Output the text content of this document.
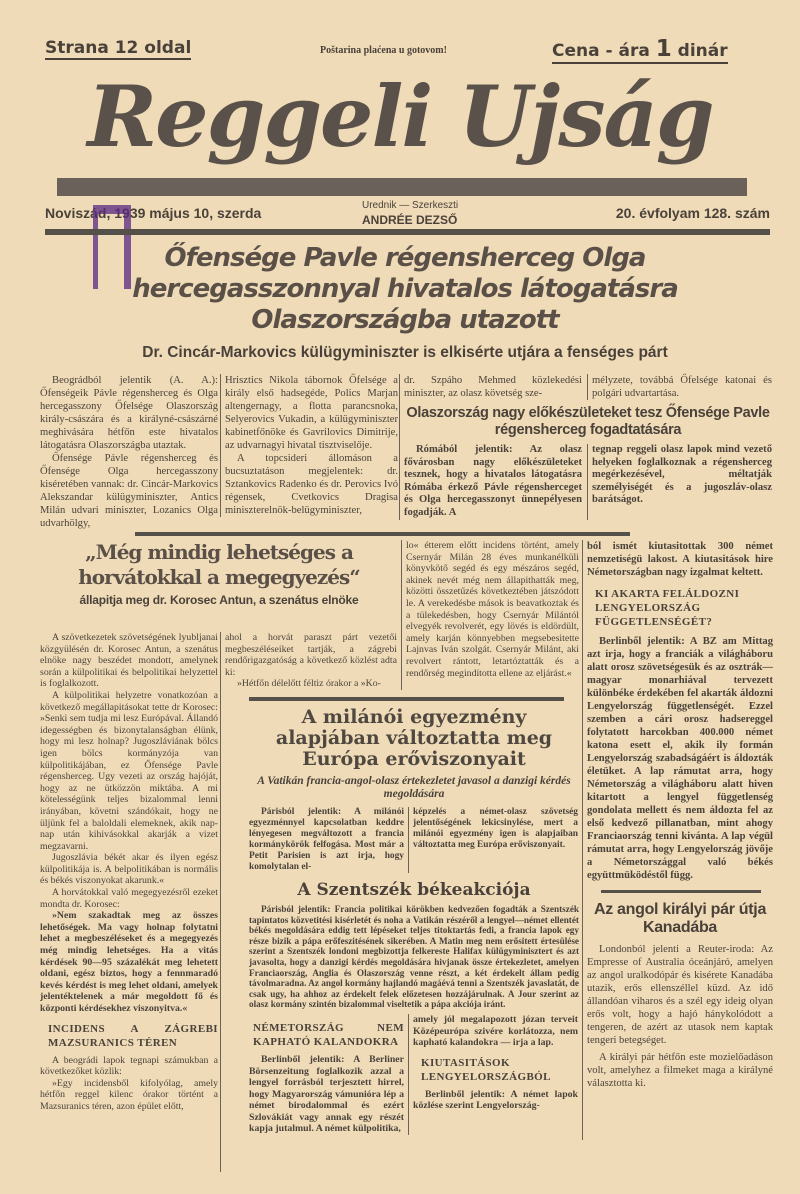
Strana 12 oldal	Poštarina plaćena u gotovom!	Cena - ára 1 dinár
Reggeli Ujság
Noviszád, 1939 május 10, szerda	Urednik — Szerkeszti
ANDRÉE DEZSŐ	20. évfolyam 128. szám
Őfensége Pavle régensherceg Olga hercegasszonnyal hivatalos látogatásra Olaszországba utazott
Dr. Cincár-Markovics külügyminiszter is elkisérte utjára a fenséges párt

Beográdból jelentik (A. A.): Őfenségeik Pávle régensherceg és Olga hercegasszony Őfelsége Olaszország király-császára és a királyné-császárné meghivására hétfőn este hivatalos látogatásra Olaszországba utaztak.

Őfensége Pávle régensherceg és Őfensége Olga hercegasszony kiséretében vannak: dr. Cincár-Markovics Alekszandar külügyminiszter, Antics Milán udvari miniszter, Lozanics Olga udvarhölgy,

Hrisztics Nikola tábornok Őfelsége a király első hadsegéde, Polics Marjan altengernagy, a flotta parancsnoka, Selyerovics Vukadin, a külügyminiszter kabinetfőnöke és Gavrilovics Dimitrije, az udvarnagyi hivatal tisztviselője.

A topcsideri állomáson a bucsuztatáson megjelentek: dr. Sztankovics Radenko és dr. Perovics Ivó régensek, Cvetkovics Dragisa miniszterelnök-belügyminiszter,

dr. Szpáho Mehmed közlekedési miniszter, az olasz követség sze-

mélyzete, továbbá Őfelsége katonai és polgári udvartartása.

Olaszország nagy előkészületeket tesz Őfensége Pavle régensherceg fogadtatására

Rómából jelentik: Az olasz fővárosban nagy előkészületeket tesznek, hogy a hivatalos látogatásra Rómába érkező Pávle régensherceget és Olga hercegasszonyt ünnepélyesen fogadják. A

tegnap reggeli olasz lapok mind vezető helyeken foglalkoznak a régensherceg megérkezésével, méltatják személyiségét és a jugoszláv-olasz barátságot.

„Még mindig lehetséges a horvátokkal a megegyezés“
állapitja meg dr. Korosec Antun, a szenátus elnöke

A szövetkezetek szövetségének lyubljanai közgyülésén dr. Korosec Antun, a szenátus elnöke nagy beszédet mondott, amelynek során a külpolitikai és belpolitikai helyzettel is foglalkozott.

A külpolitikai helyzetre vonatkozóan a következő megállapitásokat tette dr Korosec: »Senki sem tudja mi lesz Európával. Állandó idegességben és bizonytalanságban élünk, hogy mi lesz holnap? Jugoszláviának bölcs igen bölcs kormányzója van külpolitikájában, ez Őfensége Pavle régensherceg. Ugy vezeti az ország hajóját, hogy az ne ütközzön miktába. A mi kötelességünk teljes bizalommal lenni irányában, követni szándókait, hogy ne üljünk fel a baloldali elemeknek, akik nap-nap után kihivásokkal akarják a vizet megzavarni.

Jugoszlávia békét akar és ilyen egész külpolitikája is. A belpolitikában is normális és békés viszonyokat akarunk.«

A horvátokkal való megegyezésről ezeket mondta dr. Korosec:

»Nem szakadtak meg az összes lehetőségek. Ma vagy holnap folytatni lehet a megbeszéléseket és a megegyezés még mindig lehetséges. Ha a vitás kérdések 90—95 százalékát meg lehetett oldani, egész biztos, hogy a fennmaradó kevés kérdést is meg lehet oldani, amelyek jelentéktelenek a már megoldott fő és központi kérdésekhez viszonyitva.«

INCIDENS A ZÁGREBI MAZSURANICS TÉREN

A beográdi lapok tegnapi számukban a következőket közlik:

»Egy incidensből kifolyólag, amely hétfőn reggel kilenc órakor történt a Mazsuranics téren, azon épület előtt,

ahol a horvát paraszt párt vezetői megbeszéléseiket tartják, a zágrebi rendőrigazgatóság a következő közlést adta ki:

»Hétfőn délelőtt féltiz órakor a »Ko-

lo« étterem előtt incidens történt, amely Csernyár Milán 28 éves munkanélküli könyvkötő segéd és egy mészáros segéd, akinek nevét még nem állapithatták meg, közötti összetűzés következtében játszódott le. A verekedésbe mások is beavatkoztak és a tülekedésben, hogy Csernyár Milántól elvegyék revolverét, egy lövés is eldördült, amely karján könnyebben megsebesitette Lajnvas Iván szolgát. Csernyár Milánt, aki revolvert rántott, letartóztatták és a rendőrség megindította ellene az eljárást.«

A milánói egyezmény alapjában változtatta meg Európa erőviszonyait
A Vatikán francia-angol-olasz értekezletet javasol a danzigi kérdés megoldására

Párisból jelentik: A milánói egyezménnyel kapcsolatban keddre lényegesen megváltozott a francia kormánykörök felfogása. Most már a Petit Parisien is azt irja, hogy komolytalan el-

képzelés a német-olasz szövetség jelentőségének lekicsinylése, mert a milánói egyezmény igen is alapjaiban változtatta meg Európa erőviszonyait.

A Szentszék békeakciója

Párisból jelentik: Francia politikai körökben kedvezően fogadták a Szentszék tapintatos közvetitési kisérletét és noha a Vatikán részéről a lengyel—német ellentét békés megoldására eddig tett lépéseket teljes titoktartás fedi, a francia lapok egy része bizik a pápa erőfeszitésének sikerében. A Matin meg nem erősitett értesülése szerint a Szentszék londoni megbizottja felkereste Halifax külügyminisztert és azt javasolta, hogy a danzigi kérdés megoldására hivjanak össze értekezletet, amelyen Franciaország, Anglia és Olaszország venne részt, a két érdekelt állam pedig távolmaradna. Az angol kormány hajlandó magáévá tenni a Szentszék javaslatát, de csak ugy, ha ahhoz az érdekelt felek előzetesen hozzájárulnak. A Jour szerint az olasz kormány szintén bizalommal viseltetik a pápa akciója iránt.

NÉMETORSZÁG NEM KAPHATÓ KALANDOKRA

Berlinből jelentik: A Berliner Börsenzeitung foglalkozik azzal a lengyel forrásból terjesztett hirrel, hogy Magyarország vámunióra lép a német birodalommal és ezért Szlovákiát vagy annak egy részét kapja jutalmul. A német külpolitika,

amely jól megalapozott józan terveit Középeurópa szivére korlátozza, nem kapható kalandokra — irja a lap.

KIUTASITÁSOK LENGYELORSZÁGBÓL

Berlinből jelentik: A német lapok közlése szerint Lengyelország-

ból ismét kiutasitottak 300 német nemzetiségü lakost. A kiutasitások hire Németországban nagy izgalmat keltett.

KI AKARTA FELÁLDOZNI LENGYELORSZÁG FÜGGETLENSÉGÉT?

Berlinből jelentik: A BZ am Mittag azt irja, hogy a franciák a világháboru alatt orosz szövetségesük és az osztrák—magyar monarhiával tervezett különbéke érdekében fel akarták áldozni Lengyelország függetlenségét. Ezzel szemben a cári orosz hadsereggel folytatott harcokban 400.000 német katona esett el, akik ily formán Lengyelország szabadságáért is áldozták életüket. A lap rámutat arra, hogy Németország a világháboru alatt hiven kitartott a lengyel függetlenség gondolata mellett és nem áldozta fel az első kedvező pillanatban, mint ahogy Franciaország tenni kivánta. A lap végül rámutat arra, hogy Lengyelország jövője a Németországgal való békés együttmüködéstől függ.

Az angol királyi pár útja Kanadába

Londonból jelenti a Reuter-iroda: Az Empresse of Australia óceánjáró, amelyen az angol uralkodópár és kisérete Kanadába utazik, erős ellenszéllel küzd. Az idő állandóan viharos és a szél egy ideig olyan erős volt, hogy a hajó hánykolódott a tengeren, de azért az utasok nem kaptak tengeri betegséget.

A királyi pár hétfőn este mozielőadáson volt, amelyhez a filmeket maga a királyné választotta ki.
